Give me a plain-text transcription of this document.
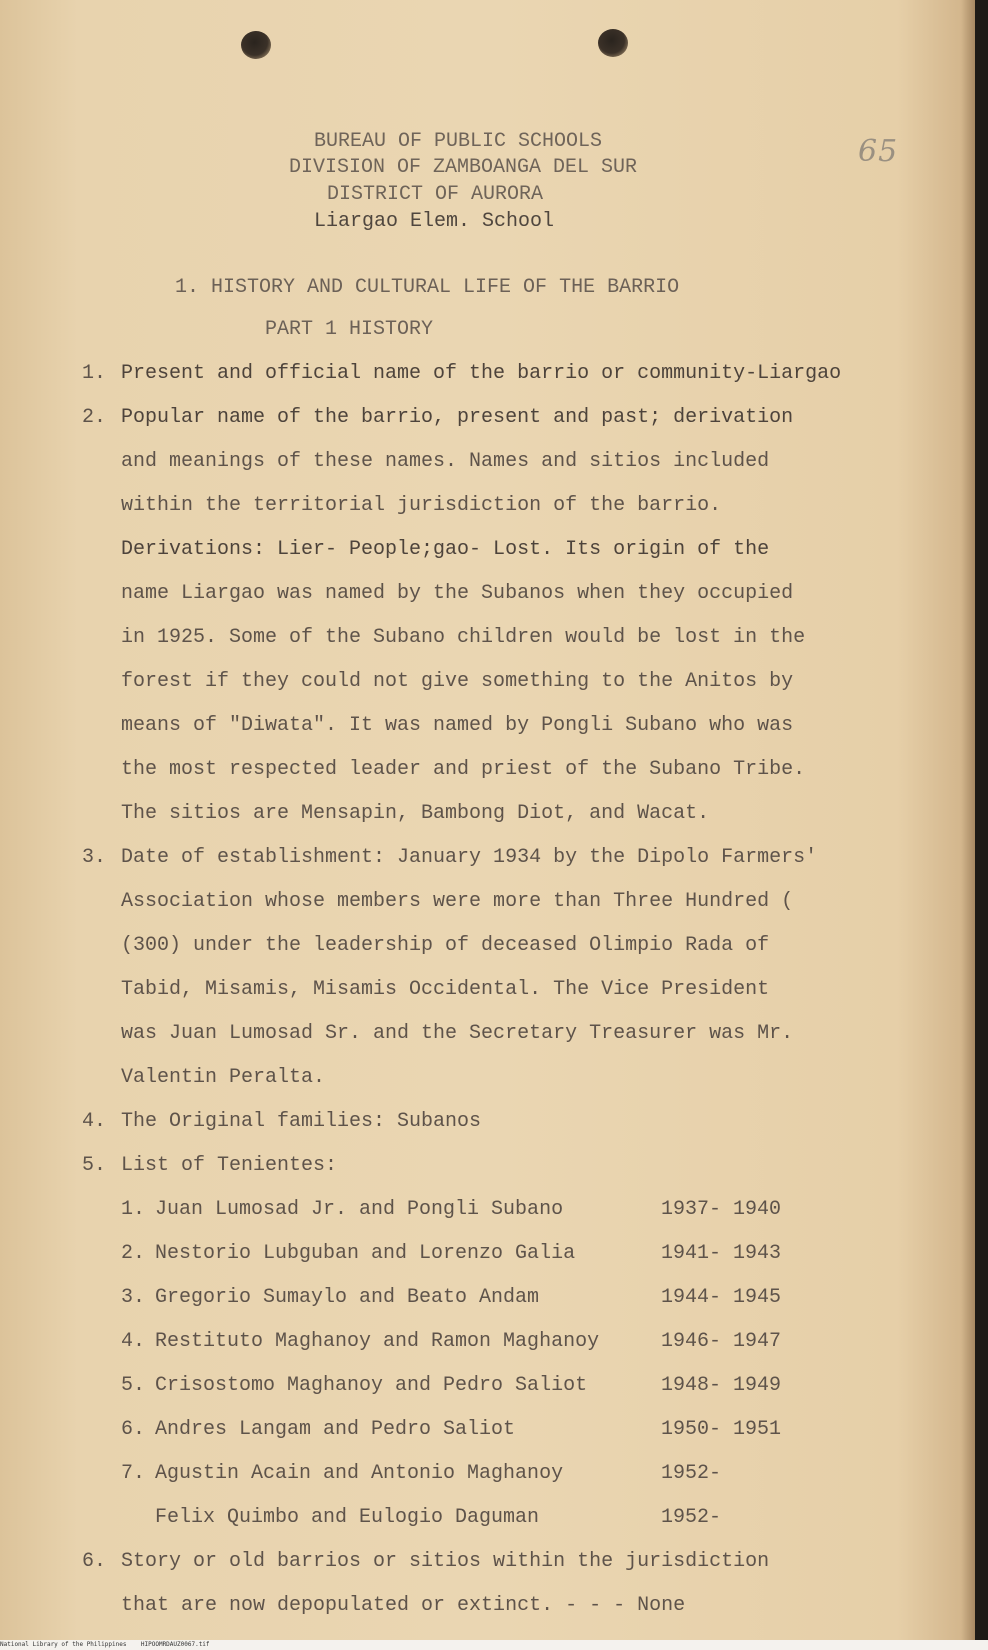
65
BUREAU OF PUBLIC SCHOOLS
DIVISION OF ZAMBOANGA DEL SUR
DISTRICT OF AURORA
Liargao Elem. School
1. HISTORY AND CULTURAL LIFE OF THE BARRIO
PART 1 HISTORY
1. Present and official name of the barrio or community-Liargao
2. Popular name of the barrio, present and past; derivation
and meanings of these names. Names and sitios included
within the territorial jurisdiction of the barrio.
Derivations: Lier- People;gao- Lost. Its origin of the
name Liargao was named by the Subanos when they occupied
in 1925. Some of the Subano children would be lost in the
forest if they could not give something to the Anitos by
means of "Diwata". It was named by Pongli Subano who was
the most respected leader and priest of the Subano Tribe.
The sitios are Mensapin, Bambong Diot, and Wacat.
3. Date of establishment: January 1934 by the Dipolo Farmers'
Association whose members were more than Three Hundred (
(300) under the leadership of deceased Olimpio Rada of
Tabid, Misamis, Misamis Occidental. The Vice President
was Juan Lumosad Sr. and the Secretary Treasurer was Mr.
Valentin Peralta.
4. The Original families: Subanos
5. List of Tenientes:
1. Juan Lumosad Jr. and Pongli Subano	1937- 1940
2. Nestorio Lubguban and Lorenzo Galia	1941- 1943
3. Gregorio Sumaylo and Beato Andam	1944- 1945
4. Restituto Maghanoy and Ramon Maghanoy	1946- 1947
5. Crisostomo Maghanoy and Pedro Saliot	1948- 1949
6. Andres Langam and Pedro Saliot	1950- 1951
7. Agustin Acain and Antonio Maghanoy	1952-
Felix Quimbo and Eulogio Daguman	1952-
6. Story or old barrios or sitios within the jurisdiction
that are now depopulated or extinct. - - - None
National Library of the Philippines HIPOOMRDAUZ0067.tif
